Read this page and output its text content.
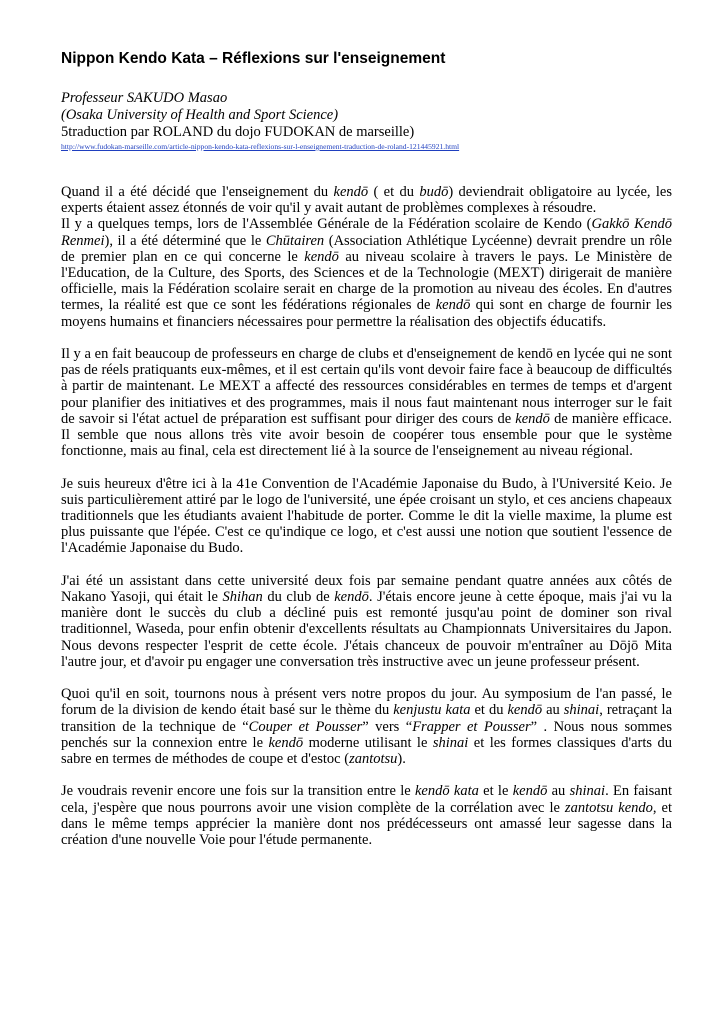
Nippon Kendo Kata – Réflexions sur l'enseignement
Professeur SAKUDO Masao
(Osaka University of Health and Sport Science)
5traduction par ROLAND du dojo FUDOKAN de marseille)
http://www.fudokan-marseille.com/article-nippon-kendo-kata-reflexions-sur-l-enseignement-traduction-de-roland-121445921.html

Quand il a été décidé que l'enseignement du kendō ( et du budō) deviendrait obligatoire au lycée, les experts étaient assez étonnés de voir qu'il y avait autant de problèmes complexes à résoudre.
Il y a quelques temps, lors de l'Assemblée Générale de la Fédération scolaire de Kendo (Gakkō Kendō Renmei), il a été déterminé que le Chūtairen (Association Athlétique Lycéenne) devrait prendre un rôle de premier plan en ce qui concerne le kendō au niveau scolaire à travers le pays. Le Ministère de l'Education, de la Culture, des Sports, des Sciences et de la Technologie (MEXT) dirigerait de manière officielle, mais la Fédération scolaire serait en charge de la promotion au niveau des écoles. En d'autres termes, la réalité est que ce sont les fédérations régionales de kendō qui sont en charge de fournir les moyens humains et financiers nécessaires pour permettre la réalisation des objectifs éducatifs.

Il y a en fait beaucoup de professeurs en charge de clubs et d'enseignement de kendō en lycée qui ne sont pas de réels pratiquants eux-mêmes, et il est certain qu'ils vont devoir faire face à beaucoup de difficultés à partir de maintenant. Le MEXT a affecté des ressources considérables en termes de temps et d'argent pour planifier des initiatives et des programmes, mais il nous faut maintenant nous interroger sur le fait de savoir si l'état actuel de préparation est suffisant pour diriger des cours de kendō de manière efficace. Il semble que nous allons très vite avoir besoin de coopérer tous ensemble pour que le système fonctionne, mais au final, cela est directement lié à la source de l'enseignement au niveau régional.

Je suis heureux d'être ici à la 41e Convention de l'Académie Japonaise du Budo, à l'Université Keio. Je suis particulièrement attiré par le logo de l'université, une épée croisant un stylo, et ces anciens chapeaux traditionnels que les étudiants avaient l'habitude de porter. Comme le dit la vielle maxime, la plume est plus puissante que l'épée. C'est ce qu'indique ce logo, et c'est aussi une notion que soutient l'essence de l'Académie Japonaise du Budo.

J'ai été un assistant dans cette université deux fois par semaine pendant quatre années aux côtés de Nakano Yasoji, qui était le Shihan du club de kendō. J'étais encore jeune à cette époque, mais j'ai vu la manière dont le succès du club a décliné puis est remonté jusqu'au point de dominer son rival traditionnel, Waseda, pour enfin obtenir d'excellents résultats au Championnats Universitaires du Japon. Nous devons respecter l'esprit de cette école. J'étais chanceux de pouvoir m'entraîner au Dōjō Mita l'autre jour, et d'avoir pu engager une conversation très instructive avec un jeune professeur présent.

Quoi qu'il en soit, tournons nous à présent vers notre propos du jour. Au symposium de l'an passé, le forum de la division de kendo était basé sur le thème du kenjustu kata et du kendō au shinai, retraçant la transition de la technique de “Couper et Pousser” vers “Frapper et Pousser” . Nous nous sommes penchés sur la connexion entre le kendō moderne utilisant le shinai et les formes classiques d'arts du sabre en termes de méthodes de coupe et d'estoc (zantotsu).

Je voudrais revenir encore une fois sur la transition entre le kendō kata et le kendō au shinai. En faisant cela, j'espère que nous pourrons avoir une vision complète de la corrélation avec le zantotsu kendo, et dans le même temps apprécier la manière dont nos prédécesseurs ont amassé leur sagesse dans la création d'une nouvelle Voie pour l'étude permanente.
